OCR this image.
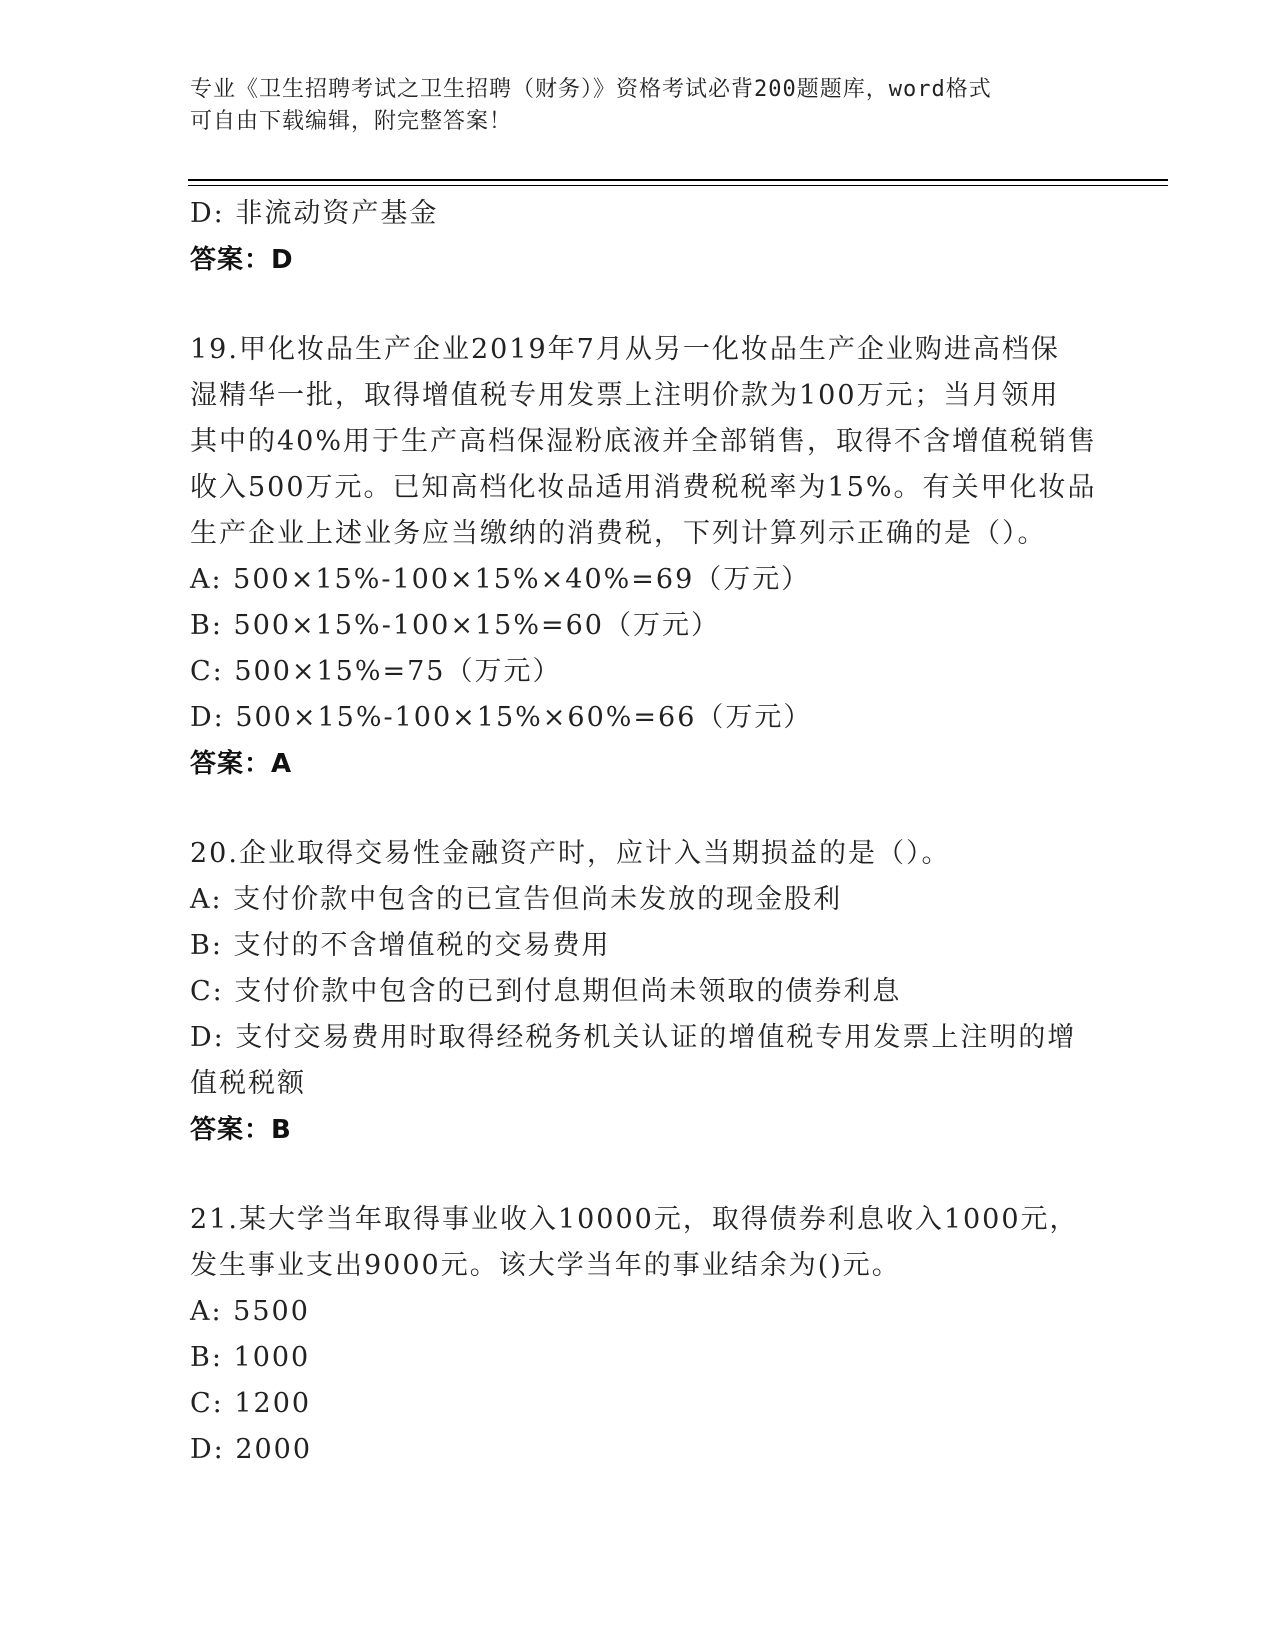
专业《卫生招聘考试之卫生招聘（财务）》资格考试必背200题题库，word格式
可自由下载编辑，附完整答案！
D: 非流动资产基金
答案：D
19.甲化妆品生产企业2019年7月从另一化妆品生产企业购进高档保
湿精华一批，取得增值税专用发票上注明价款为100万元；当月领用
其中的40%用于生产高档保湿粉底液并全部销售，取得不含增值税销售
收入500万元。已知高档化妆品适用消费税税率为15%。有关甲化妆品
生产企业上述业务应当缴纳的消费税，下列计算列示正确的是（）。
A: 500×15%-100×15%×40%=69（万元）
B: 500×15%-100×15%=60（万元）
C: 500×15%=75（万元）
D: 500×15%-100×15%×60%=66（万元）
答案：A
20.企业取得交易性金融资产时，应计入当期损益的是（）。
A: 支付价款中包含的已宣告但尚未发放的现金股利
B: 支付的不含增值税的交易费用
C: 支付价款中包含的已到付息期但尚未领取的债券利息
D: 支付交易费用时取得经税务机关认证的增值税专用发票上注明的增
值税税额
答案：B
21.某大学当年取得事业收入10000元，取得债券利息收入1000元，
发生事业支出9000元。该大学当年的事业结余为()元。
A: 5500
B: 1000
C: 1200
D: 2000
